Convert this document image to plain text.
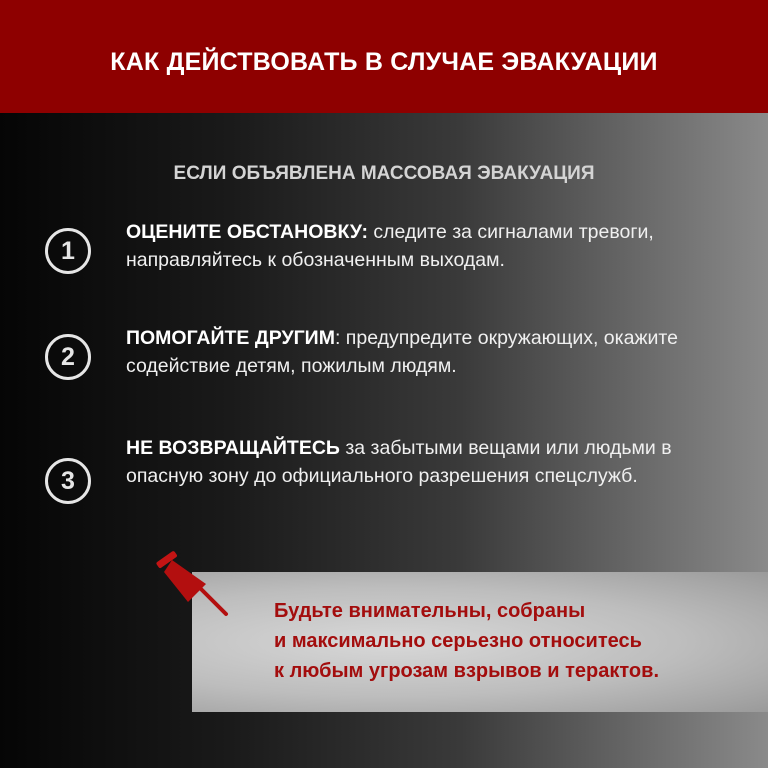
КАК ДЕЙСТВОВАТЬ В СЛУЧАЕ ЭВАКУАЦИИ
ЕСЛИ ОБЪЯВЛЕНА МАССОВАЯ ЭВАКУАЦИЯ
1
ОЦЕНИТЕ ОБСТАНОВКУ: следите за сигналами тревоги, направляйтесь к обозначенным выходам.
2
ПОМОГАЙТЕ ДРУГИМ: предупредите окружающих, окажите содействие детям, пожилым людям.
3
НЕ ВОЗВРАЩАЙТЕСЬ за забытыми вещами или людьми в опасную зону до официального разрешения спецслужб.
Будьте внимательны, собраны
и максимально серьезно относитесь
к любым угрозам взрывов и терактов.
